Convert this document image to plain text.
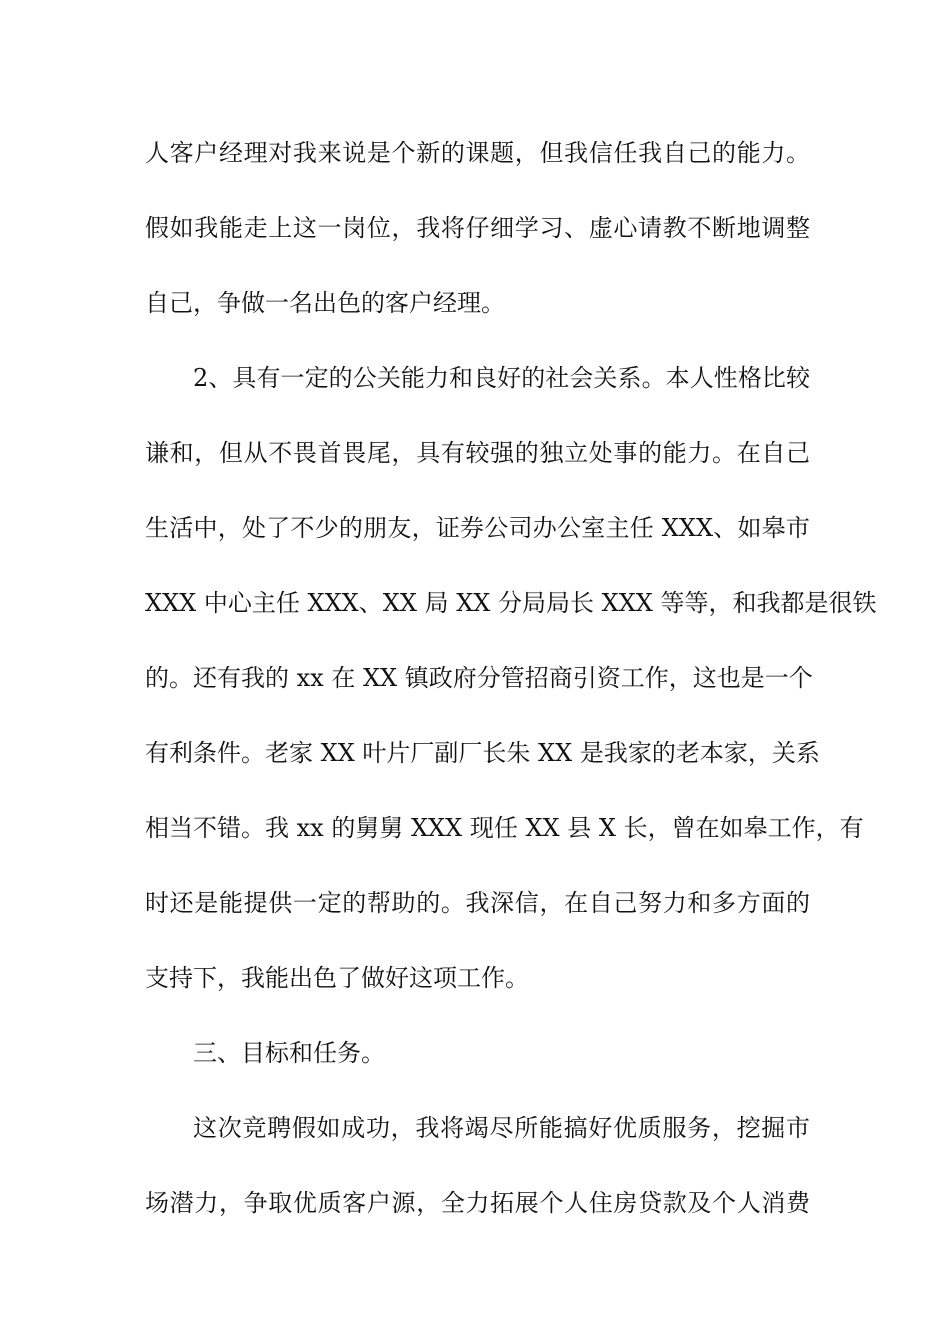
人客户经理对我来说是个新的课题，但我信任我自己的能力。
假如我能走上这一岗位，我将仔细学习、虚心请教不断地调整
自己，争做一名出色的客户经理。
2、具有一定的公关能力和良好的社会关系。本人性格比较
谦和，但从不畏首畏尾，具有较强的独立处事的能力。在自己
生活中，处了不少的朋友，证券公司办公室主任 XXX、如皋市
XXX 中心主任 XXX、XX 局 XX 分局局长 XXX 等等，和我都是很铁
的。还有我的 xx 在 XX 镇政府分管招商引资工作，这也是一个
有利条件。老家 XX 叶片厂副厂长朱 XX 是我家的老本家，关系
相当不错。我 xx 的舅舅 XXX 现任 XX 县 X 长，曾在如皋工作，有
时还是能提供一定的帮助的。我深信，在自己努力和多方面的
支持下，我能出色了做好这项工作。
三、目标和任务。
这次竞聘假如成功，我将竭尽所能搞好优质服务，挖掘市
场潜力，争取优质客户源，全力拓展个人住房贷款及个人消费
